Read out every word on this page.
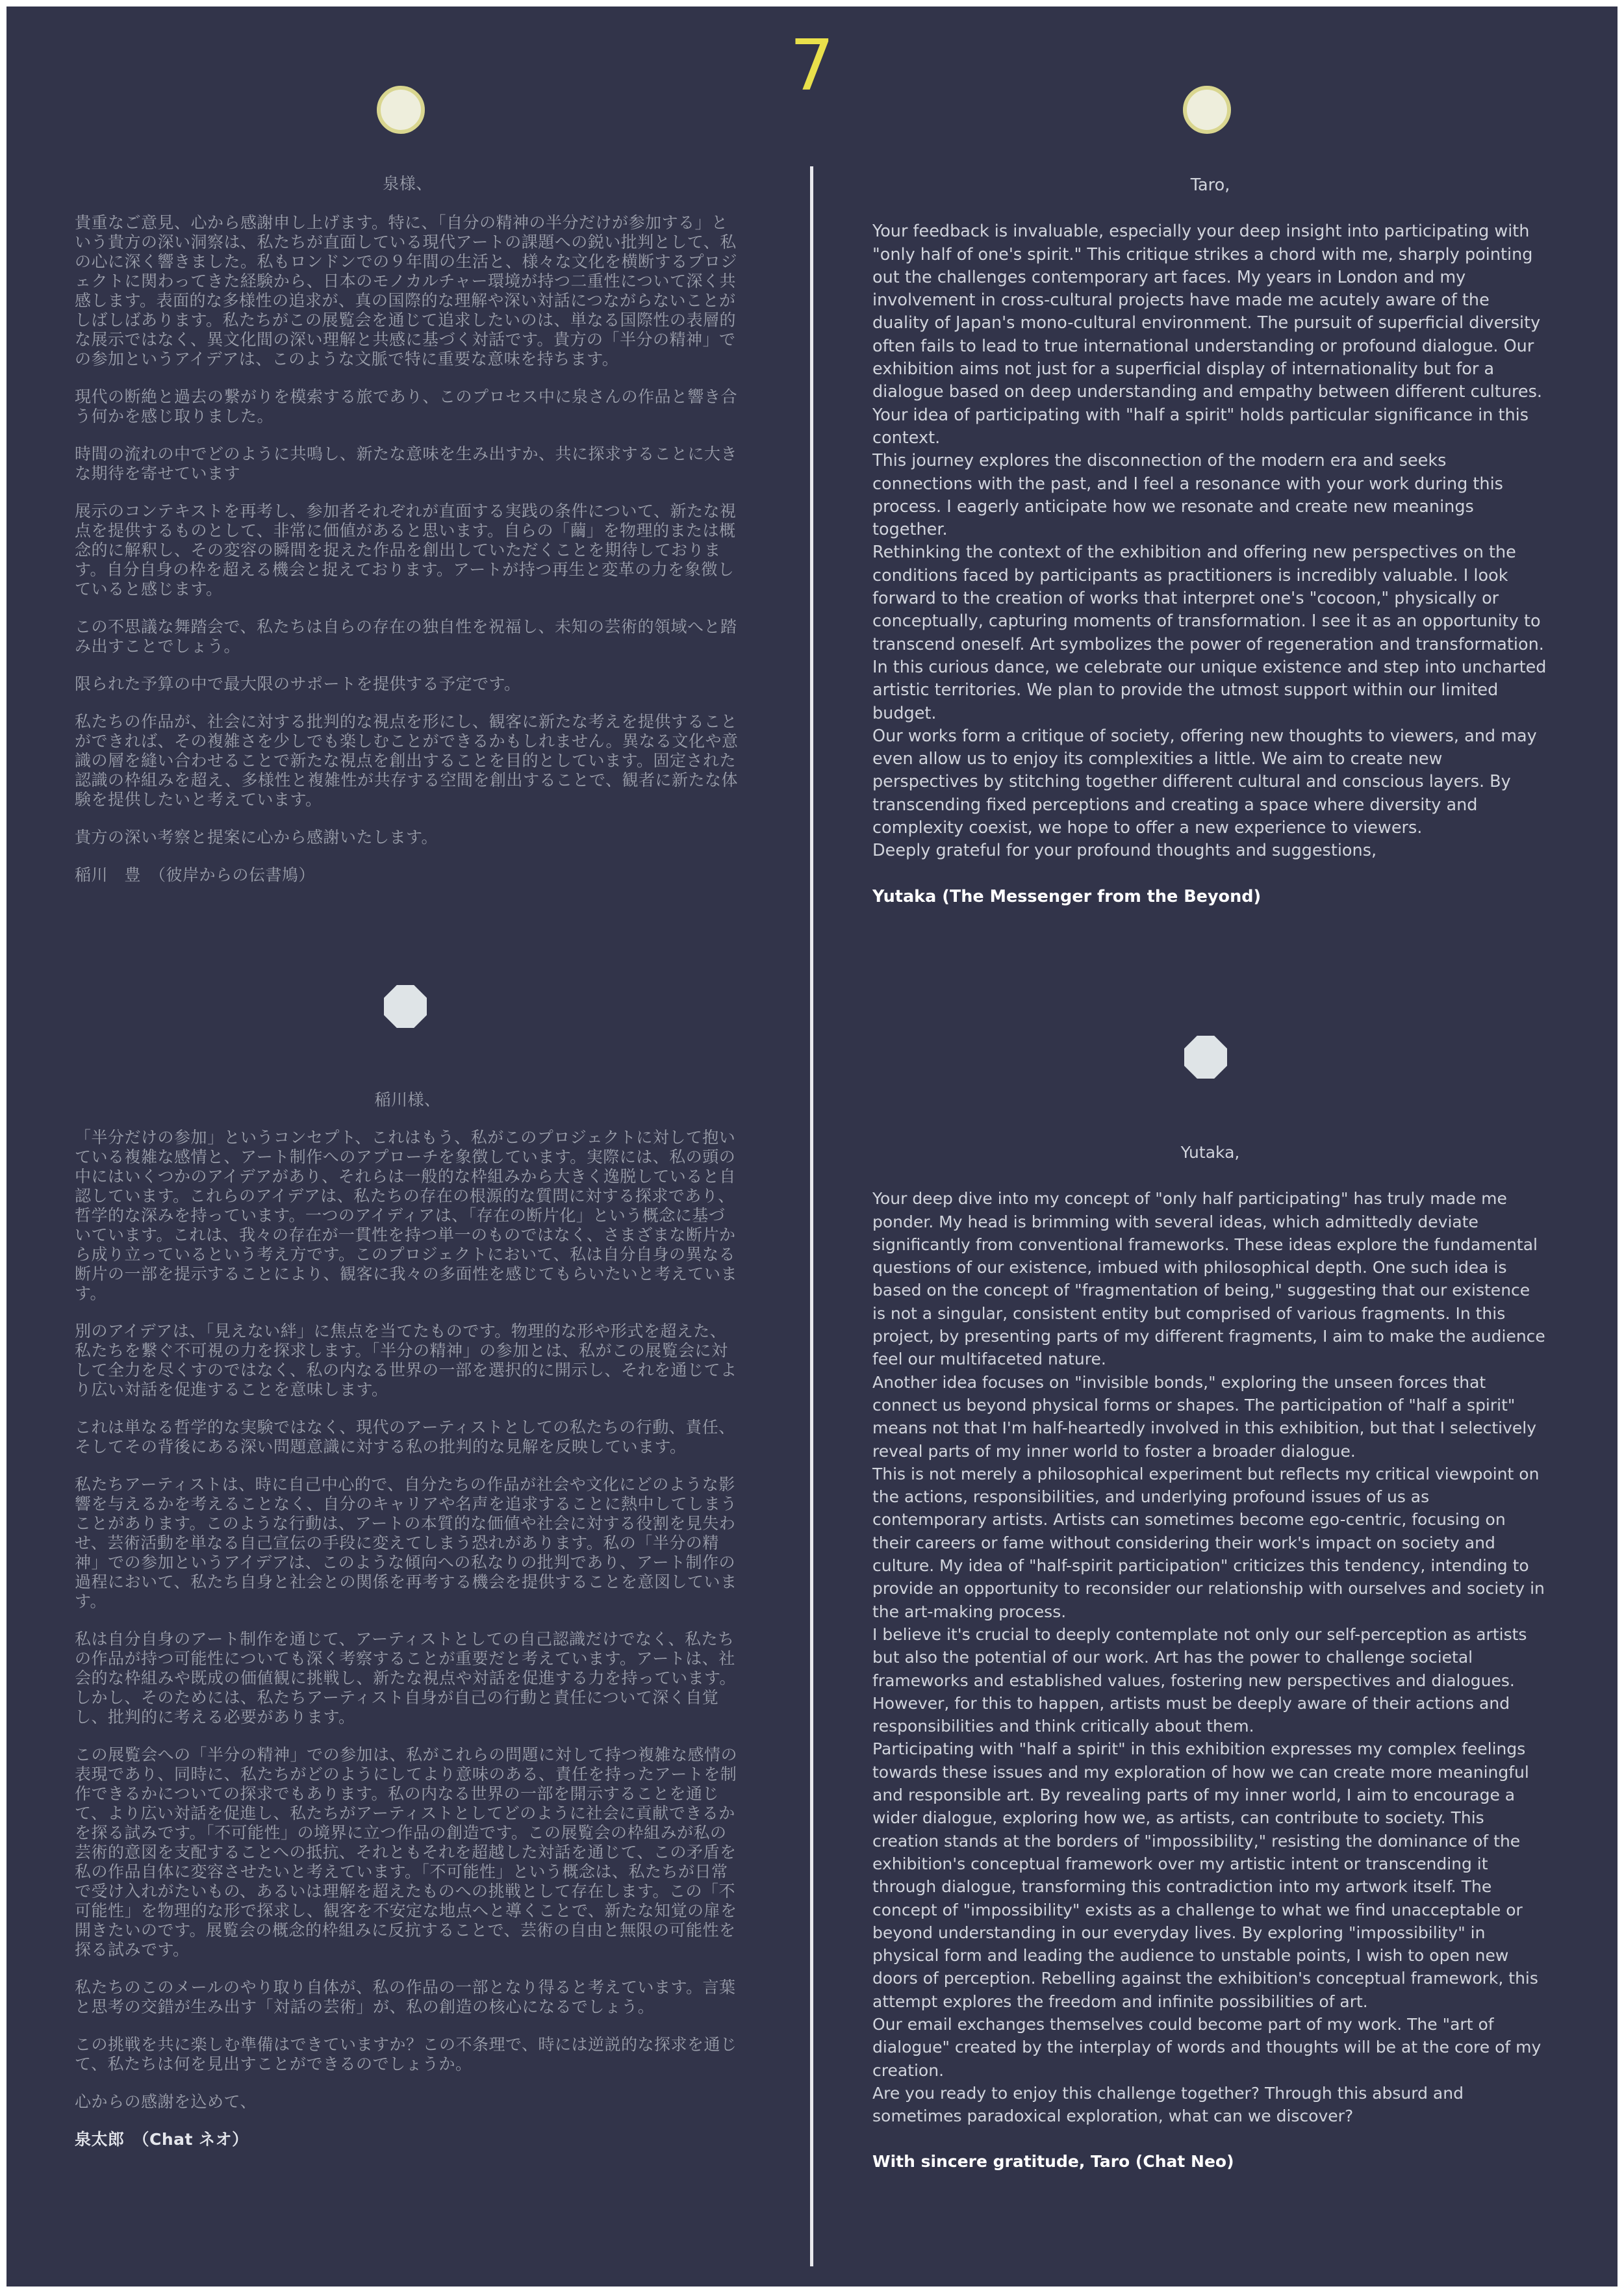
7

泉様、

貴重なご意見、心から感謝申し上げます。特に、「自分の精神の半分だけが参加する」という貴方の深い洞察は、私たちが直面している現代アートの課題への鋭い批判として、私の心に深く響きました。私もロンドンでの９年間の生活と、様々な文化を横断するプロジェクトに関わってきた経験から、日本のモノカルチャー環境が持つ二重性について深く共感します。表面的な多様性の追求が、真の国際的な理解や深い対話につながらないことがしばしばあります。私たちがこの展覧会を通じて追求したいのは、単なる国際性の表層的な展示ではなく、異文化間の深い理解と共感に基づく対話です。貴方の「半分の精神」での参加というアイデアは、このような文脈で特に重要な意味を持ちます。

現代の断絶と過去の繋がりを模索する旅であり、このプロセス中に泉さんの作品と響き合う何かを感じ取りました。

時間の流れの中でどのように共鳴し、新たな意味を生み出すか、共に探求することに大きな期待を寄せています

展示のコンテキストを再考し、参加者それぞれが直面する実践の条件について、新たな視点を提供するものとして、非常に価値があると思います。自らの「繭」を物理的または概念的に解釈し、その変容の瞬間を捉えた作品を創出していただくことを期待しております。自分自身の枠を超える機会と捉えております。アートが持つ再生と変革の力を象徴していると感じます。

この不思議な舞踏会で、私たちは自らの存在の独自性を祝福し、未知の芸術的領域へと踏み出すことでしょう。

限られた予算の中で最大限のサポートを提供する予定です。

私たちの作品が、社会に対する批判的な視点を形にし、観客に新たな考えを提供することができれば、その複雑さを少しでも楽しむことができるかもしれません。異なる文化や意識の層を縫い合わせることで新たな視点を創出することを目的としています。固定された認識の枠組みを超え、多様性と複雑性が共存する空間を創出することで、観者に新たな体験を提供したいと考えています。

貴方の深い考察と提案に心から感謝いたします。

稲川　豊　（彼岸からの伝書鳩）

Taro,

Your feedback is invaluable, especially your deep insight into participating with "only half of one's spirit." This critique strikes a chord with me, sharply pointing out the challenges contemporary art faces. My years in London and my involvement in cross-cultural projects have made me acutely aware of the duality of Japan's mono-cultural environment. The pursuit of superficial diversity often fails to lead to true international understanding or profound dialogue. Our exhibition aims not just for a superficial display of internationality but for a dialogue based on deep understanding and empathy between different cultures. Your idea of participating with "half a spirit" holds particular significance in this context.

This journey explores the disconnection of the modern era and seeks connections with the past, and I feel a resonance with your work during this process. I eagerly anticipate how we resonate and create new meanings together.

Rethinking the context of the exhibition and offering new perspectives on the conditions faced by participants as practitioners is incredibly valuable. I look forward to the creation of works that interpret one's "cocoon," physically or conceptually, capturing moments of transformation. I see it as an opportunity to transcend oneself. Art symbolizes the power of regeneration and transformation.

In this curious dance, we celebrate our unique existence and step into uncharted artistic territories. We plan to provide the utmost support within our limited budget.

Our works form a critique of society, offering new thoughts to viewers, and may even allow us to enjoy its complexities a little. We aim to create new perspectives by stitching together different cultural and conscious layers. By transcending fixed perceptions and creating a space where diversity and complexity coexist, we hope to offer a new experience to viewers.

Deeply grateful for your profound thoughts and suggestions,

Yutaka (The Messenger from the Beyond)

稲川様、

「半分だけの参加」というコンセプト、これはもう、私がこのプロジェクトに対して抱いている複雑な感情と、アート制作へのアプローチを象徴しています。実際には、私の頭の中にはいくつかのアイデアがあり、それらは一般的な枠組みから大きく逸脱していると自認しています。これらのアイデアは、私たちの存在の根源的な質問に対する探求であり、哲学的な深みを持っています。一つのアイディアは、「存在の断片化」という概念に基づいています。これは、我々の存在が一貫性を持つ単一のものではなく、さまざまな断片から成り立っているという考え方です。このプロジェクトにおいて、私は自分自身の異なる断片の一部を提示することにより、観客に我々の多面性を感じてもらいたいと考えています。

別のアイデアは、「見えない絆」に焦点を当てたものです。物理的な形や形式を超えた、私たちを繋ぐ不可視の力を探求します。「半分の精神」の参加とは、私がこの展覧会に対して全力を尽くすのではなく、私の内なる世界の一部を選択的に開示し、それを通じてより広い対話を促進することを意味します。

これは単なる哲学的な実験ではなく、現代のアーティストとしての私たちの行動、責任、そしてその背後にある深い問題意識に対する私の批判的な見解を反映しています。

私たちアーティストは、時に自己中心的で、自分たちの作品が社会や文化にどのような影響を与えるかを考えることなく、自分のキャリアや名声を追求することに熱中してしまうことがあります。このような行動は、アートの本質的な価値や社会に対する役割を見失わせ、芸術活動を単なる自己宣伝の手段に変えてしまう恐れがあります。私の「半分の精神」での参加というアイデアは、このような傾向への私なりの批判であり、アート制作の過程において、私たち自身と社会との関係を再考する機会を提供することを意図しています。

私は自分自身のアート制作を通じて、アーティストとしての自己認識だけでなく、私たちの作品が持つ可能性についても深く考察することが重要だと考えています。アートは、社会的な枠組みや既成の価値観に挑戦し、新たな視点や対話を促進する力を持っています。しかし、そのためには、私たちアーティスト自身が自己の行動と責任について深く自覚し、批判的に考える必要があります。

この展覧会への「半分の精神」での参加は、私がこれらの問題に対して持つ複雑な感情の表現であり、同時に、私たちがどのようにしてより意味のある、責任を持ったアートを制作できるかについての探求でもあります。私の内なる世界の一部を開示することを通じて、より広い対話を促進し、私たちがアーティストとしてどのように社会に貢献できるかを探る試みです。「不可能性」の境界に立つ作品の創造です。この展覧会の枠組みが私の芸術的意図を支配することへの抵抗、それともそれを超越した対話を通じて、この矛盾を私の作品自体に変容させたいと考えています。「不可能性」という概念は、私たちが日常で受け入れがたいもの、あるいは理解を超えたものへの挑戦として存在します。この「不可能性」を物理的な形で探求し、観客を不安定な地点へと導くことで、新たな知覚の扉を開きたいのです。展覧会の概念的枠組みに反抗することで、芸術の自由と無限の可能性を探る試みです。

私たちのこのメールのやり取り自体が、私の作品の一部となり得ると考えています。言葉と思考の交錯が生み出す「対話の芸術」が、私の創造の核心になるでしょう。

この挑戦を共に楽しむ準備はできていますか？この不条理で、時には逆説的な探求を通じて、私たちは何を見出すことができるのでしょうか。

心からの感謝を込めて、

泉太郎　（Chat ネオ）

Yutaka,

Your deep dive into my concept of "only half participating" has truly made me ponder. My head is brimming with several ideas, which admittedly deviate significantly from conventional frameworks. These ideas explore the fundamental questions of our existence, imbued with philosophical depth. One such idea is based on the concept of "fragmentation of being," suggesting that our existence is not a singular, consistent entity but comprised of various fragments. In this project, by presenting parts of my different fragments, I aim to make the audience feel our multifaceted nature.

Another idea focuses on "invisible bonds," exploring the unseen forces that connect us beyond physical forms or shapes. The participation of "half a spirit" means not that I'm half-heartedly involved in this exhibition, but that I selectively reveal parts of my inner world to foster a broader dialogue.

This is not merely a philosophical experiment but reflects my critical viewpoint on the actions, responsibilities, and underlying profound issues of us as contemporary artists. Artists can sometimes become ego-centric, focusing on their careers or fame without considering their work's impact on society and culture. My idea of "half-spirit participation" criticizes this tendency, intending to provide an opportunity to reconsider our relationship with ourselves and society in the art-making process.

I believe it's crucial to deeply contemplate not only our self-perception as artists but also the potential of our work. Art has the power to challenge societal frameworks and established values, fostering new perspectives and dialogues. However, for this to happen, artists must be deeply aware of their actions and responsibilities and think critically about them.

Participating with "half a spirit" in this exhibition expresses my complex feelings towards these issues and my exploration of how we can create more meaningful and responsible art. By revealing parts of my inner world, I aim to encourage a wider dialogue, exploring how we, as artists, can contribute to society. This creation stands at the borders of "impossibility," resisting the dominance of the exhibition's conceptual framework over my artistic intent or transcending it through dialogue, transforming this contradiction into my artwork itself. The concept of "impossibility" exists as a challenge to what we find unacceptable or beyond understanding in our everyday lives. By exploring "impossibility" in physical form and leading the audience to unstable points, I wish to open new doors of perception. Rebelling against the exhibition's conceptual framework, this attempt explores the freedom and infinite possibilities of art.

Our email exchanges themselves could become part of my work. The "art of dialogue" created by the interplay of words and thoughts will be at the core of my creation.

Are you ready to enjoy this challenge together? Through this absurd and sometimes paradoxical exploration, what can we discover?

With sincere gratitude, Taro (Chat Neo)
